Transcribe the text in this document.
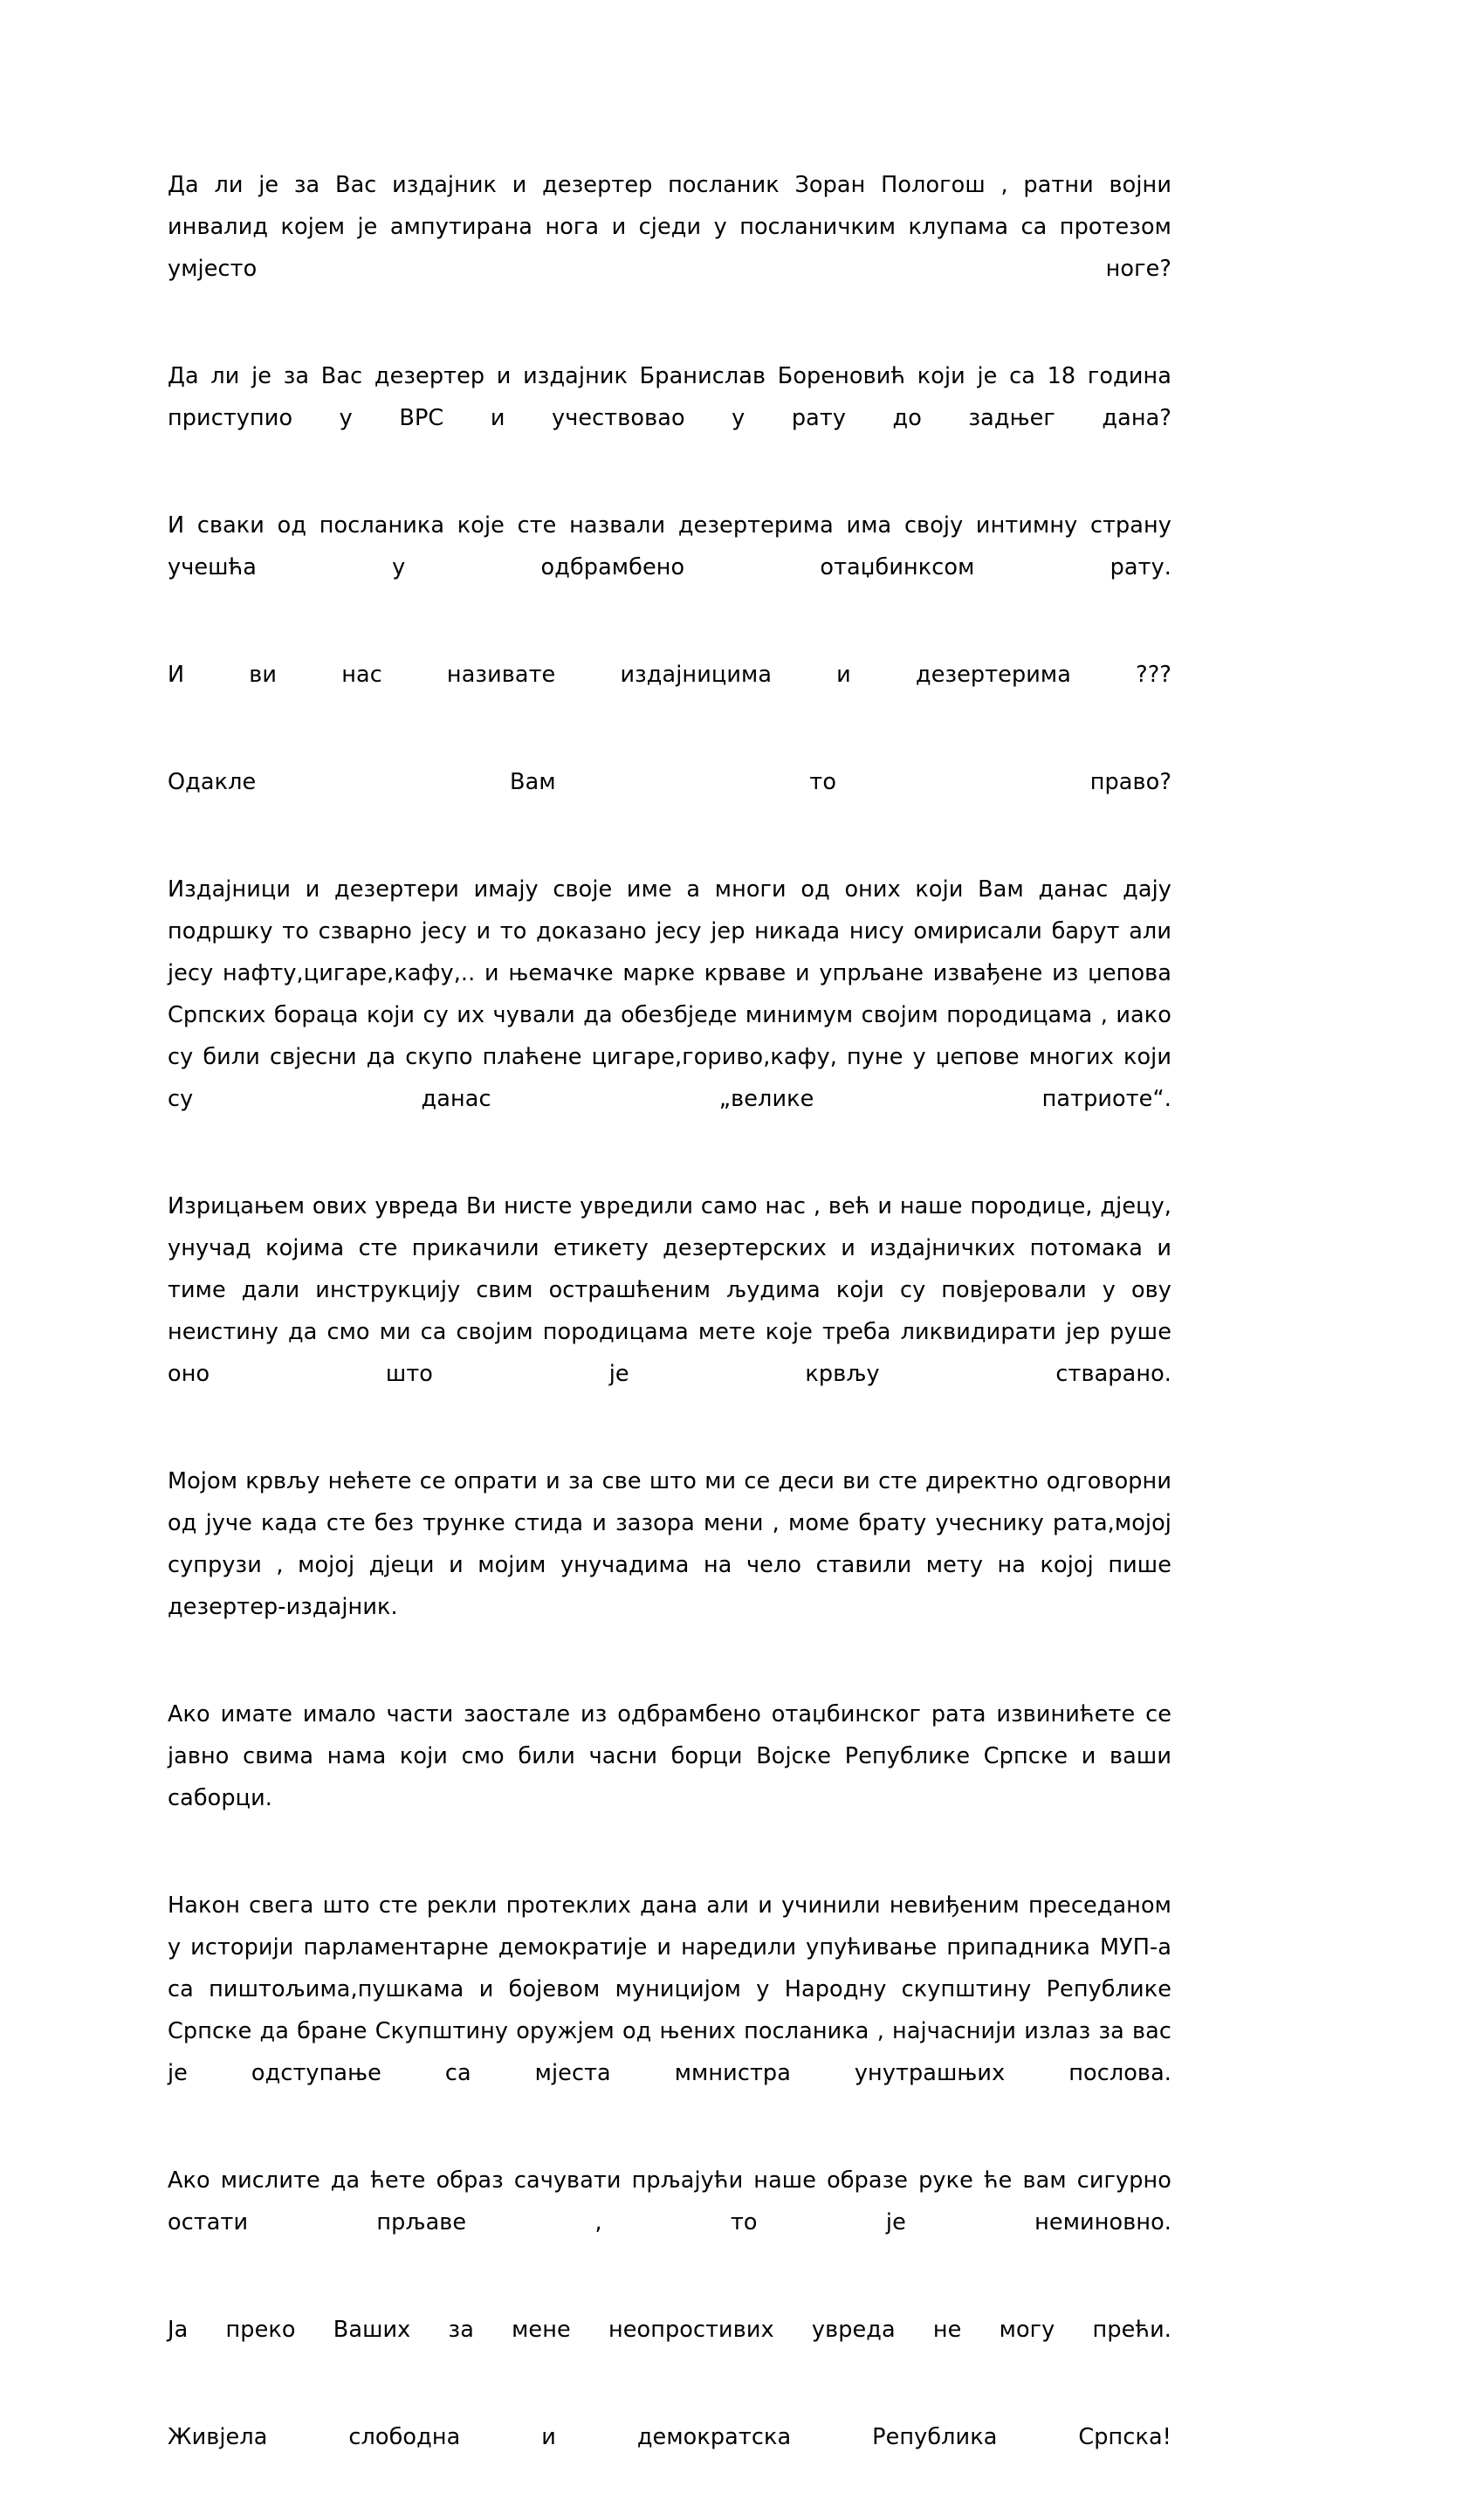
Да ли је за Вас издајник и дезертер посланик Зоран Пологош , ратни војни инвалид којем је ампутирана нога и сједи у посланичким клупама са протезом умјесто ноге?

Да ли је за Вас дезертер и издајник Бранислав Бореновић који је са 18 година приступио у ВРС и учествовао у рату до задњег дана?

И сваки од посланика које сте назвали дезертерима има своју интимну страну учешћа у одбрамбено отаџбинксом рату.

И ви нас називате издајницима и дезертерима ???

Одакле Вам то право?

Издајници и дезертери имају своје име а многи од оних који Вам данас дају подршку то сзварно јесу и то доказано јесу јер никада нису омирисали барут али јесу нафту,цигаре,кафу,.. и њемачке марке крваве и упрљане извађене из џепова Српских бораца који су их чували да обезбједе минимум својим породицама , иако су били свјесни да скупо плаћене цигаре,гориво,кафу, пуне у џепове многих који су данас „велике патриоте“.

Изрицањем ових увреда Ви нисте увредили само нас , већ и наше породице, дјецу, унучад којима сте прикачили етикету дезертерских и издајничких потомака и тиме дали инструкцију свим острашћеним људима који су повјеровали у ову неистину да смо ми са својим породицама мете које треба ликвидирати јер руше оно што је крвљу стварано.

Мојом крвљу нећете се опрати и за све што ми се деси ви сте директно одговорни од јуче када сте без трунке стида и зазора мени , моме брату учеснику рата,мојој супрузи , мојој дјеци и мојим унучадима на чело ставили мету на којој пише дезертер-издајник.

Ако имате имало части заостале из одбрамбено отаџбинског рата извинићете се јавно свима нама који смо били часни борци Војске Републике Српске и ваши саборци.

Након свега што сте рекли протеклих дана али и учинили невиђеним преседаном у историји парламентарне демократије и наредили упућивање припадника МУП-а са пиштољима,пушкама и бојевом муницијом у Народну скупштину Републике Српске да бране Скупштину оружјем од њених посланика , најчаснији излаз за вас је одступање са мјеста ммнистра унутрашњих послова.

Ако мислите да ћете образ сачувати прљајући наше образе руке ће вам сигурно остати прљаве , то је неминовно.

Ја преко Ваших за мене неопростивих увреда не могу прећи.

Живјела слободна и демократска Република Српска!
